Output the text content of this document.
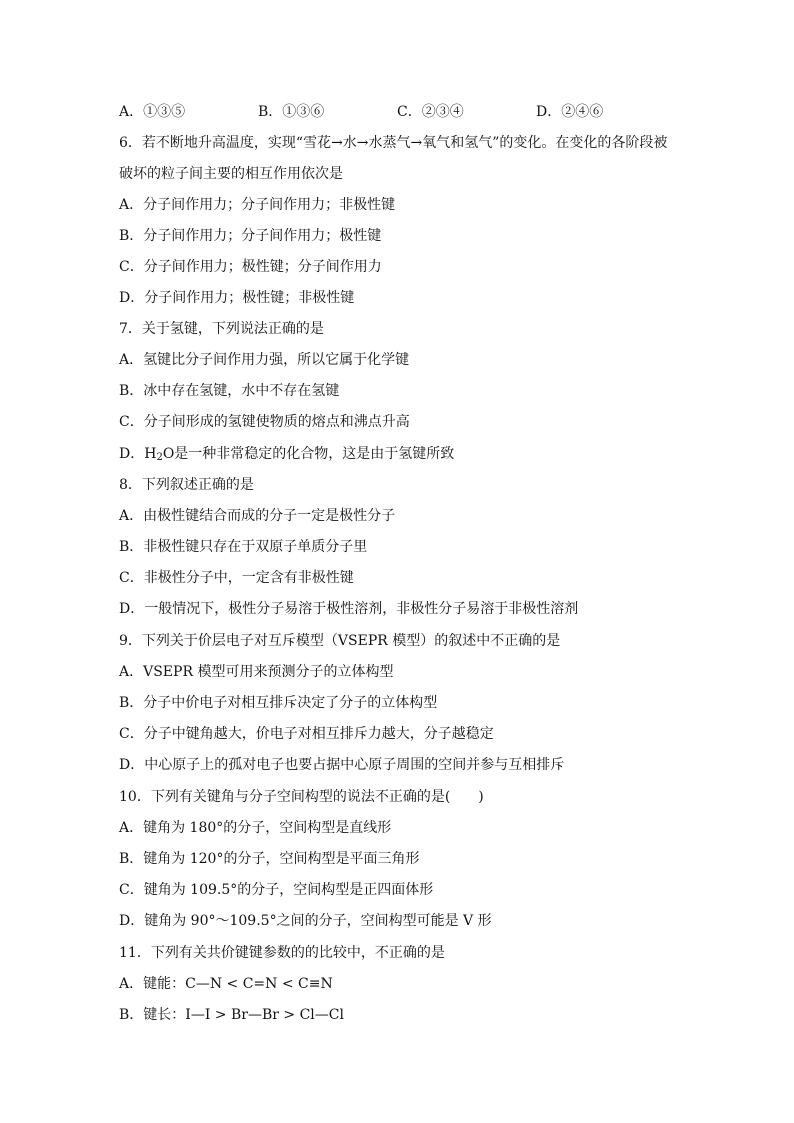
A．①③⑤	B．①③⑥	C．②③④	D．②④⑥
6．若不断地升高温度，实现“雪花→水→水蒸气→氧气和氢气”的变化。在变化的各阶段被
破坏的粒子间主要的相互作用依次是
A．分子间作用力；分子间作用力；非极性键
B．分子间作用力；分子间作用力；极性键
C．分子间作用力；极性键；分子间作用力
D．分子间作用力；极性键；非极性键
7．关于氢键，下列说法正确的是
A．氢键比分子间作用力强，所以它属于化学键
B．冰中存在氢键，水中不存在氢键
C．分子间形成的氢键使物质的熔点和沸点升高
D．$H_2O$是一种非常稳定的化合物，这是由于氢键所致
8．下列叙述正确的是
A．由极性键结合而成的分子一定是极性分子
B．非极性键只存在于双原子单质分子里
C．非极性分子中，一定含有非极性键
D．一般情况下，极性分子易溶于极性溶剂，非极性分子易溶于非极性溶剂
9．下列关于价层电子对互斥模型（VSEPR 模型）的叙述中不正确的是
A．VSEPR 模型可用来预测分子的立体构型
B．分子中价电子对相互排斥决定了分子的立体构型
C．分子中键角越大，价电子对相互排斥力越大，分子越稳定
D．中心原子上的孤对电子也要占据中心原子周围的空间并参与互相排斥
10．下列有关键角与分子空间构型的说法不正确的是(　　)
A．键角为 180°的分子，空间构型是直线形
B．键角为 120°的分子，空间构型是平面三角形
C．键角为 109.5°的分子，空间构型是正四面体形
D．键角为 90°～109.5°之间的分子，空间构型可能是 V 形
11．下列有关共价键键参数的的比较中，不正确的是
A．键能：C—N < C=N < C≡N
B．键长：I—I > Br—Br > Cl—Cl
